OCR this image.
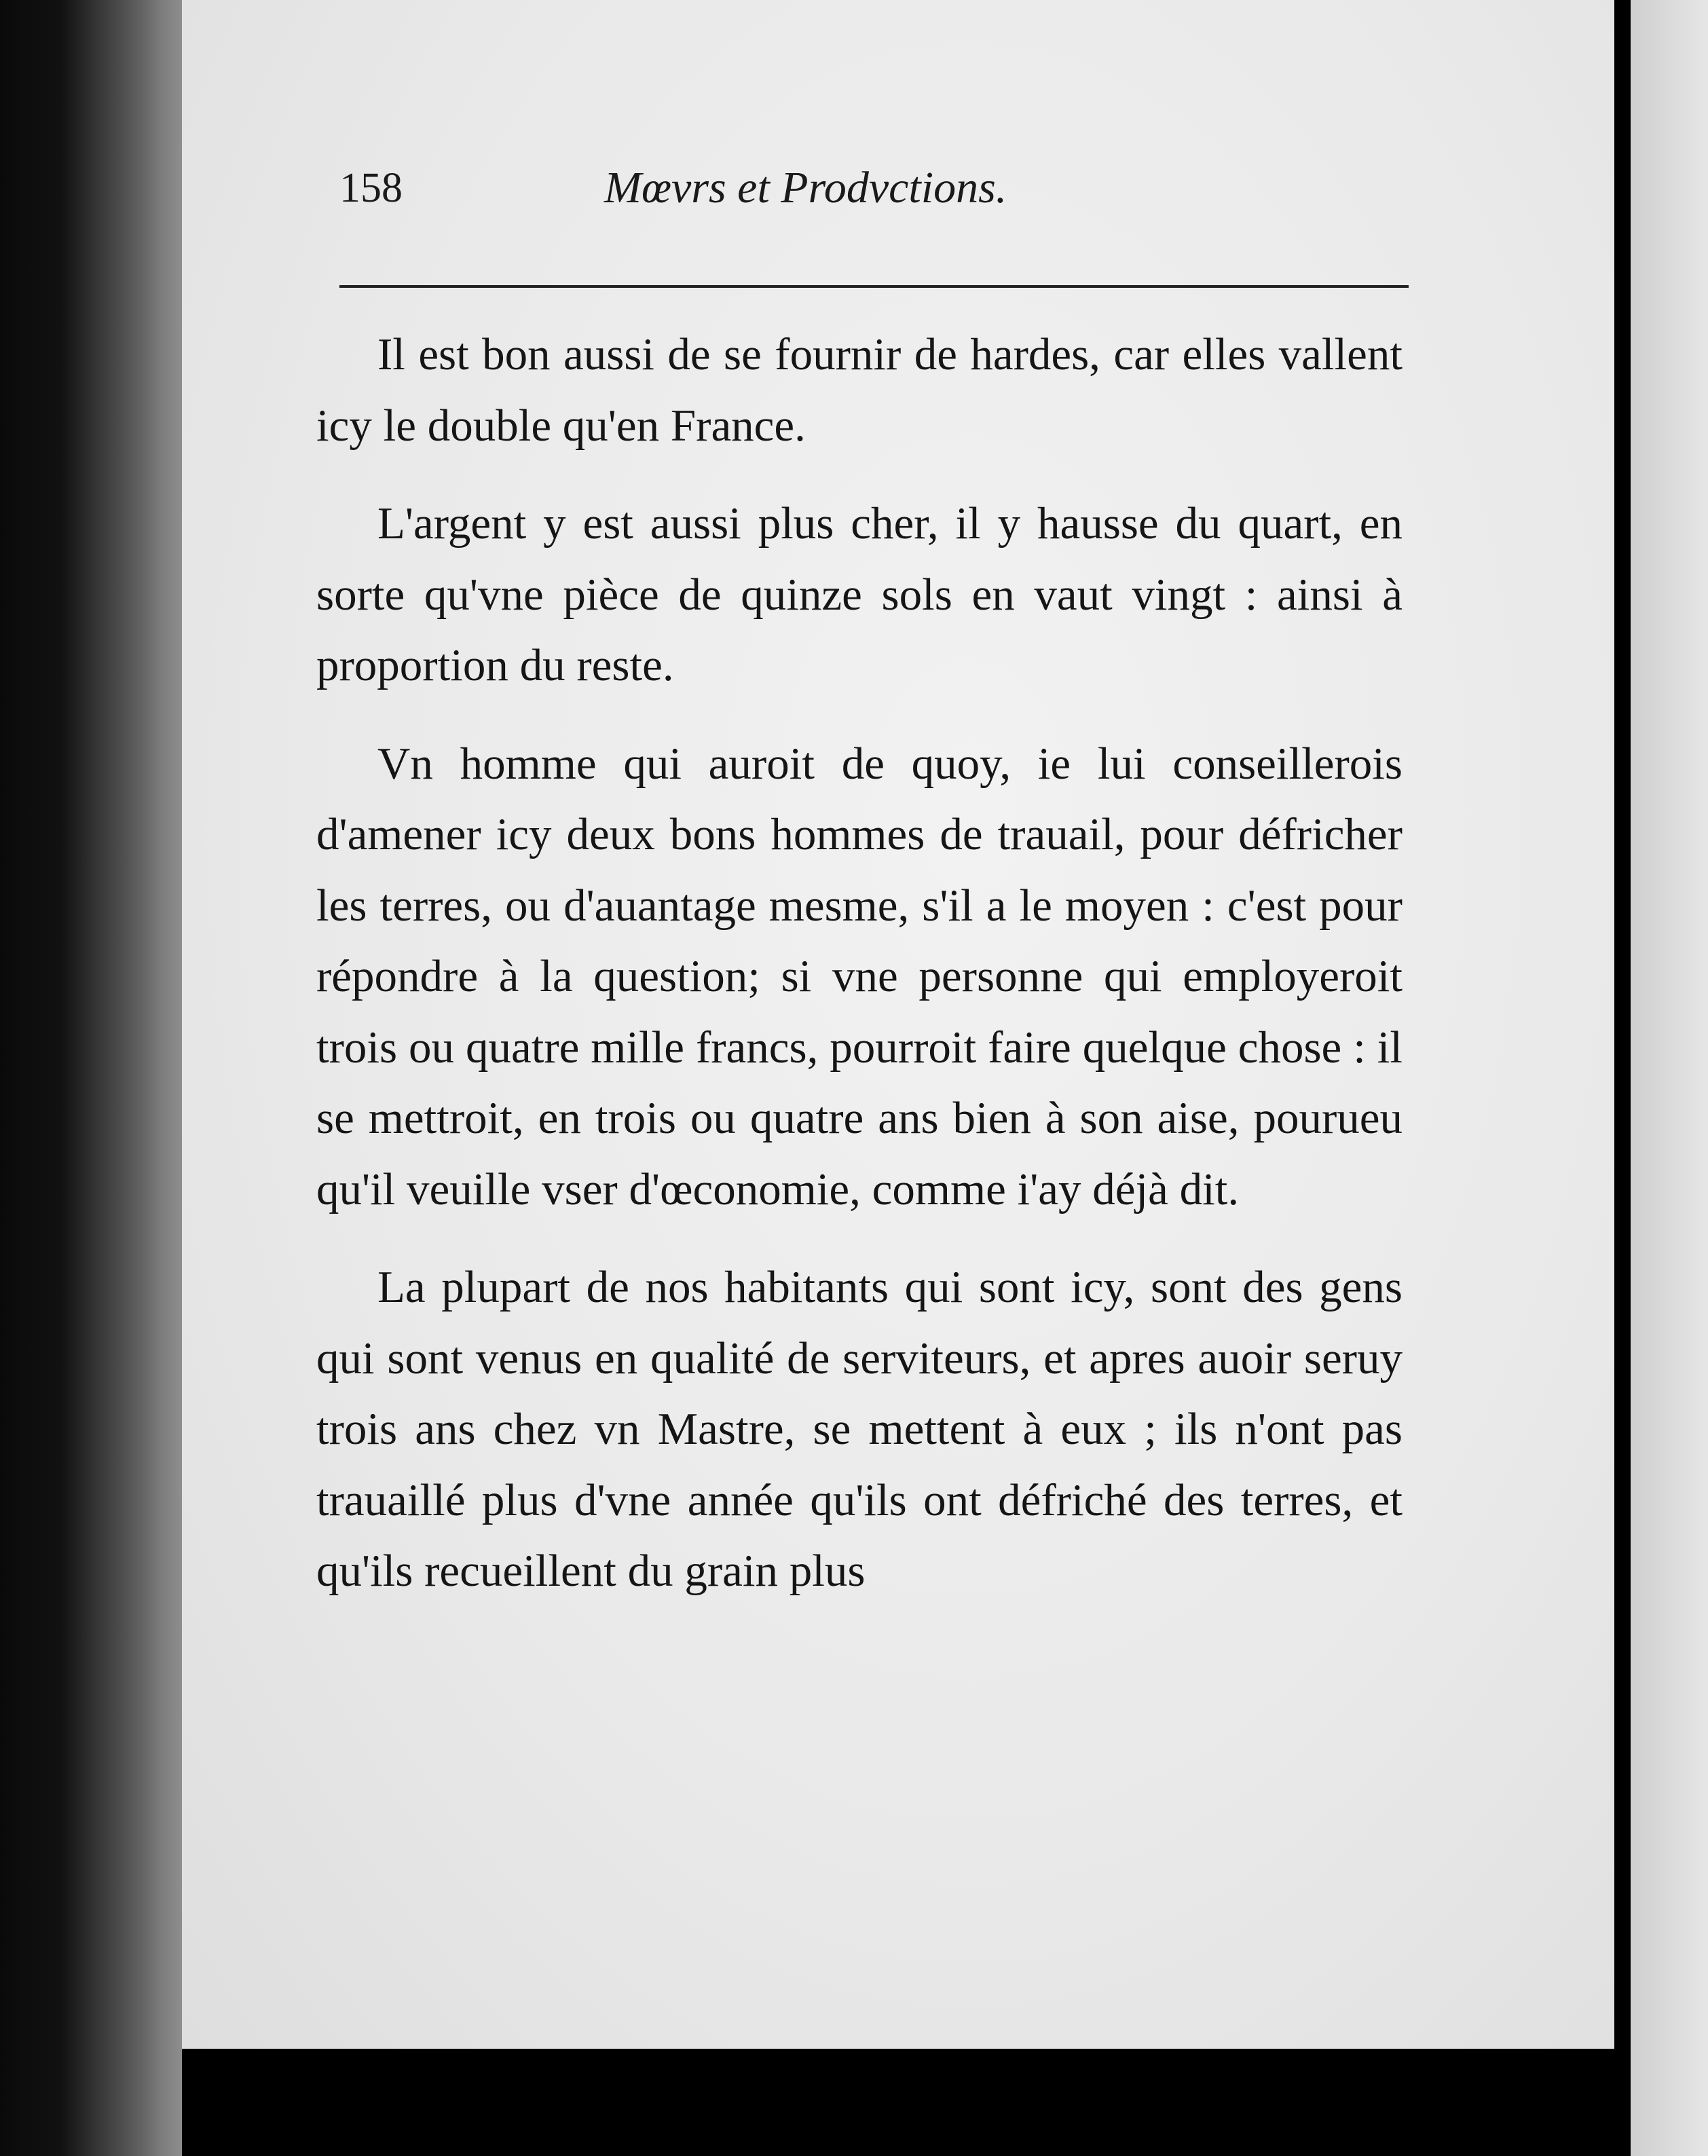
158	Mœvrs et Prodvctions.

Il est bon aussi de se fournir de hardes, car elles vallent icy le double qu'en France.

L'argent y est aussi plus cher, il y hausse du quart, en sorte qu'vne pièce de quinze sols en vaut vingt : ainsi à proportion du reste.

Vn homme qui auroit de quoy, ie lui conseillerois d'amener icy deux bons hommes de trauail, pour défricher les terres, ou d'auantage mesme, s'il a le moyen : c'est pour répondre à la question; si vne personne qui employeroit trois ou quatre mille francs, pourroit faire quelque chose : il se mettroit, en trois ou quatre ans bien à son aise, pourueu qu'il veuille vser d'œconomie, comme i'ay déjà dit.

La plupart de nos habitants qui sont icy, sont des gens qui sont venus en qualité de serviteurs, et apres auoir seruy trois ans chez vn Mastre, se mettent à eux ; ils n'ont pas trauaillé plus d'vne année qu'ils ont défriché des terres, et qu'ils recueillent du grain plus
